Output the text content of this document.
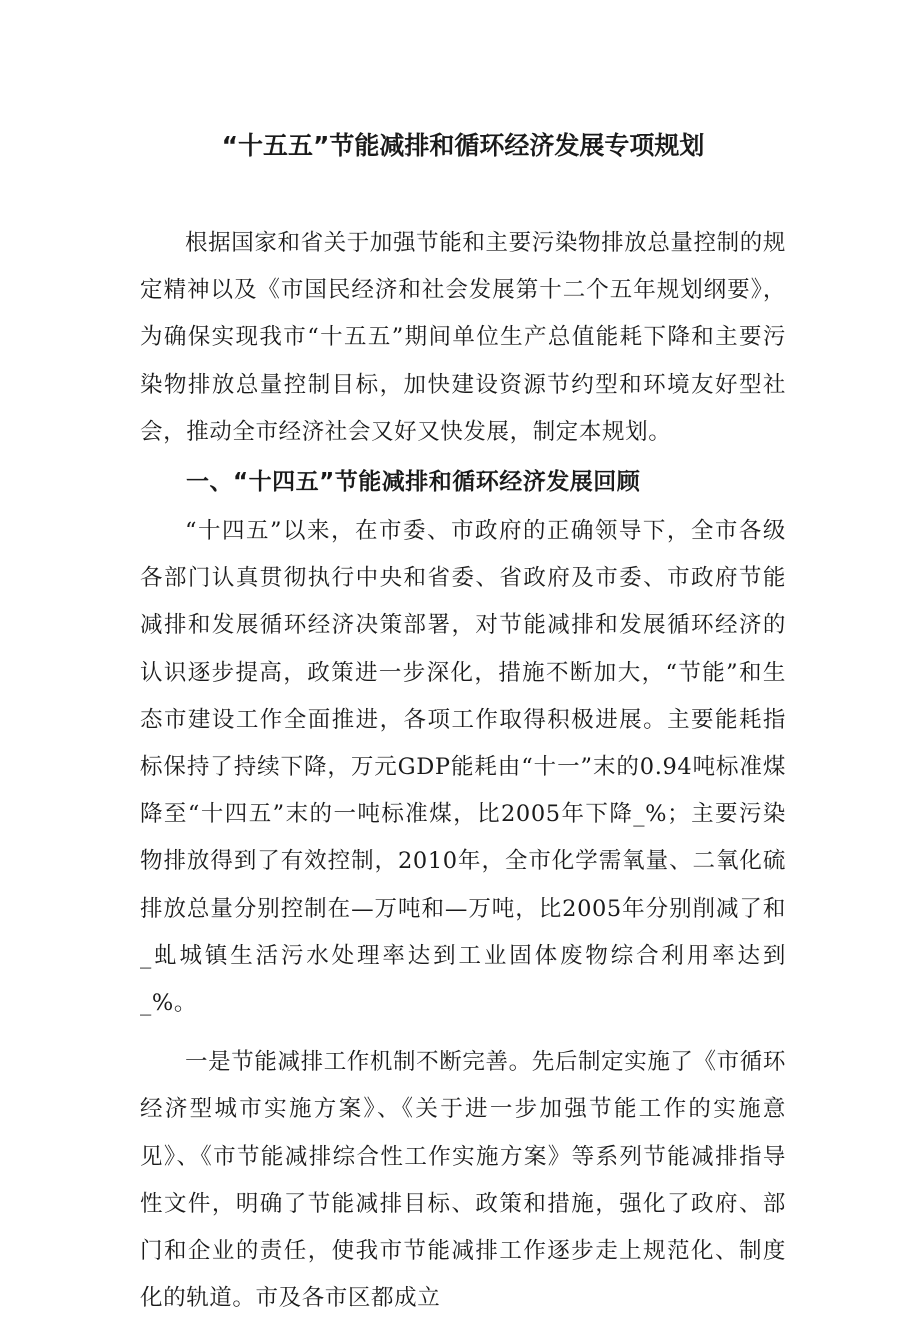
“十五五”节能减排和循环经济发展专项规划

根据国家和省关于加强节能和主要污染物排放总量控制的规定精神以及《市国民经济和社会发展第十二个五年规划纲要》，为确保实现我市“十五五”期间单位生产总值能耗下降和主要污染物排放总量控制目标，加快建设资源节约型和环境友好型社会，推动全市经济社会又好又快发展，制定本规划。

一、“十四五”节能减排和循环经济发展回顾

“十四五”以来，在市委、市政府的正确领导下，全市各级各部门认真贯彻执行中央和省委、省政府及市委、市政府节能减排和发展循环经济决策部署，对节能减排和发展循环经济的认识逐步提高，政策进一步深化，措施不断加大，“节能”和生态市建设工作全面推进，各项工作取得积极进展。主要能耗指标保持了持续下降，万元GDP能耗由“十一”末的0.94吨标准煤降至“十四五”末的一吨标准煤，比2005年下降_%；主要污染物排放得到了有效控制，2010年，全市化学需氧量、二氧化硫排放总量分别控制在—万吨和—万吨，比2005年分别削减了和_虬城镇生活污水处理率达到工业固体废物综合利用率达到_%。

一是节能减排工作机制不断完善。先后制定实施了《市循环经济型城市实施方案》、《关于进一步加强节能工作的实施意见》、《市节能减排综合性工作实施方案》等系列节能减排指导性文件，明确了节能减排目标、政策和措施，强化了政府、部门和企业的责任，使我市节能减排工作逐步走上规范化、制度化的轨道。市及各市区都成立
